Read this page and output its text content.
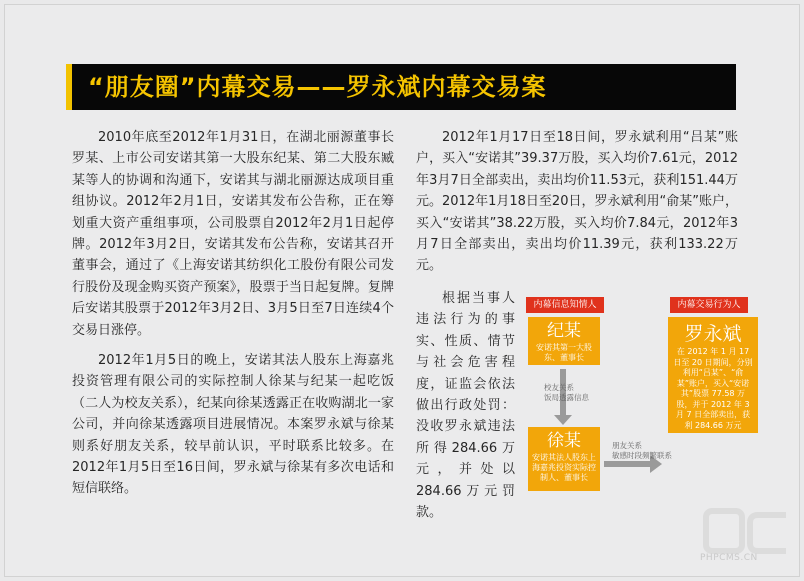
“朋友圈”内幕交易——罗永斌内幕交易案

2010年底至2012年1月31日，在湖北丽源董事长罗某、上市公司安诺其第一大股东纪某、第二大股东臧某等人的协调和沟通下，安诺其与湖北丽源达成项目重组协议。2012年2月1日，安诺其发布公告称，正在筹划重大资产重组事项，公司股票自2012年2月1日起停牌。2012年3月2日，安诺其发布公告称，安诺其召开董事会，通过了《上海安诺其纺织化工股份有限公司发行股份及现金购买资产预案》，股票于当日起复牌。复牌后安诺其股票于2012年3月2日、3月5日至7日连续4个交易日涨停。

2012年1月5日的晚上，安诺其法人股东上海嘉兆投资管理有限公司的实际控制人徐某与纪某一起吃饭（二人为校友关系），纪某向徐某透露正在收购湖北一家公司，并向徐某透露项目进展情况。本案罗永斌与徐某则系好朋友关系，较早前认识，平时联系比较多。在2012年1月5日至16日间，罗永斌与徐某有多次电话和短信联络。

2012年1月17日至18日间，罗永斌利用“吕某”账户，买入“安诺其”39.37万股，买入均价7.61元，2012年3月7日全部卖出，卖出均价11.53元，获利151.44万元。2012年1月18日至20日，罗永斌利用“俞某”账户，买入“安诺其”38.22万股，买入均价7.84元，2012年3月7日全部卖出，卖出均价11.39元，获利133.22万元。

根据当事人违法行为的事实、性质、情节与社会危害程度，证监会依法做出行政处罚：没收罗永斌违法所得284.66万元，并处以284.66万元罚款。

内幕信息知情人	内幕交易行为人
纪某
安诺其第一大股东、董事长
校友关系
饭局透露信息
徐某
安诺其法人股东上海嘉兆投资实际控制人、董事长
朋友关系
敏感时段频繁联系
罗永斌
在 2012 年 1 月 17 日至 20 日期间，分别利用“吕某”、“俞某”账户，买入“安诺其”股票 77.58 万股，并于 2012 年 3 月 7 日全部卖出，获利 284.66 万元
PHPCMS.CN
